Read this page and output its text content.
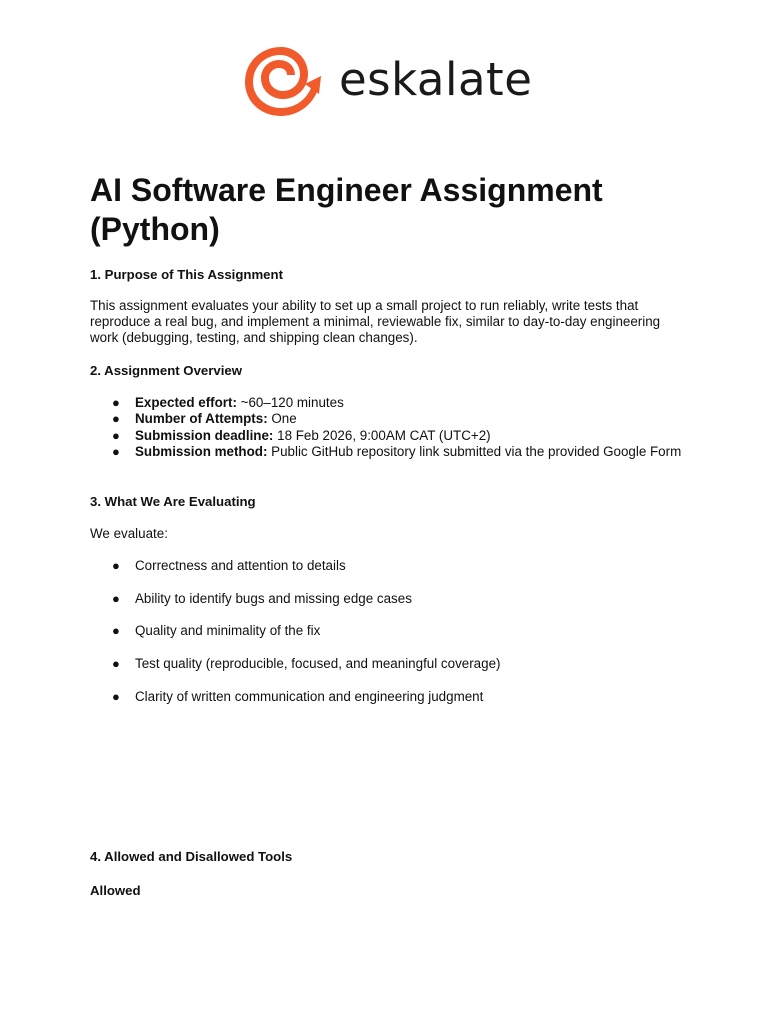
eskalate
AI Software Engineer Assignment (Python)
1. Purpose of This Assignment

This assignment evaluates your ability to set up a small project to run reliably, write tests that reproduce a real bug, and implement a minimal, reviewable fix, similar to day-to-day engineering work (debugging, testing, and shipping clean changes).

2. Assignment Overview
● Expected effort: ~60–120 minutes
● Number of Attempts: One
● Submission deadline: 18 Feb 2026, 9:00AM CAT (UTC+2)
● Submission method: Public GitHub repository link submitted via the provided Google Form
3. What We Are Evaluating

We evaluate:

● Correctness and attention to details
● Ability to identify bugs and missing edge cases
● Quality and minimality of the fix
● Test quality (reproducible, focused, and meaningful coverage)
● Clarity of written communication and engineering judgment
4. Allowed and Disallowed Tools
Allowed
